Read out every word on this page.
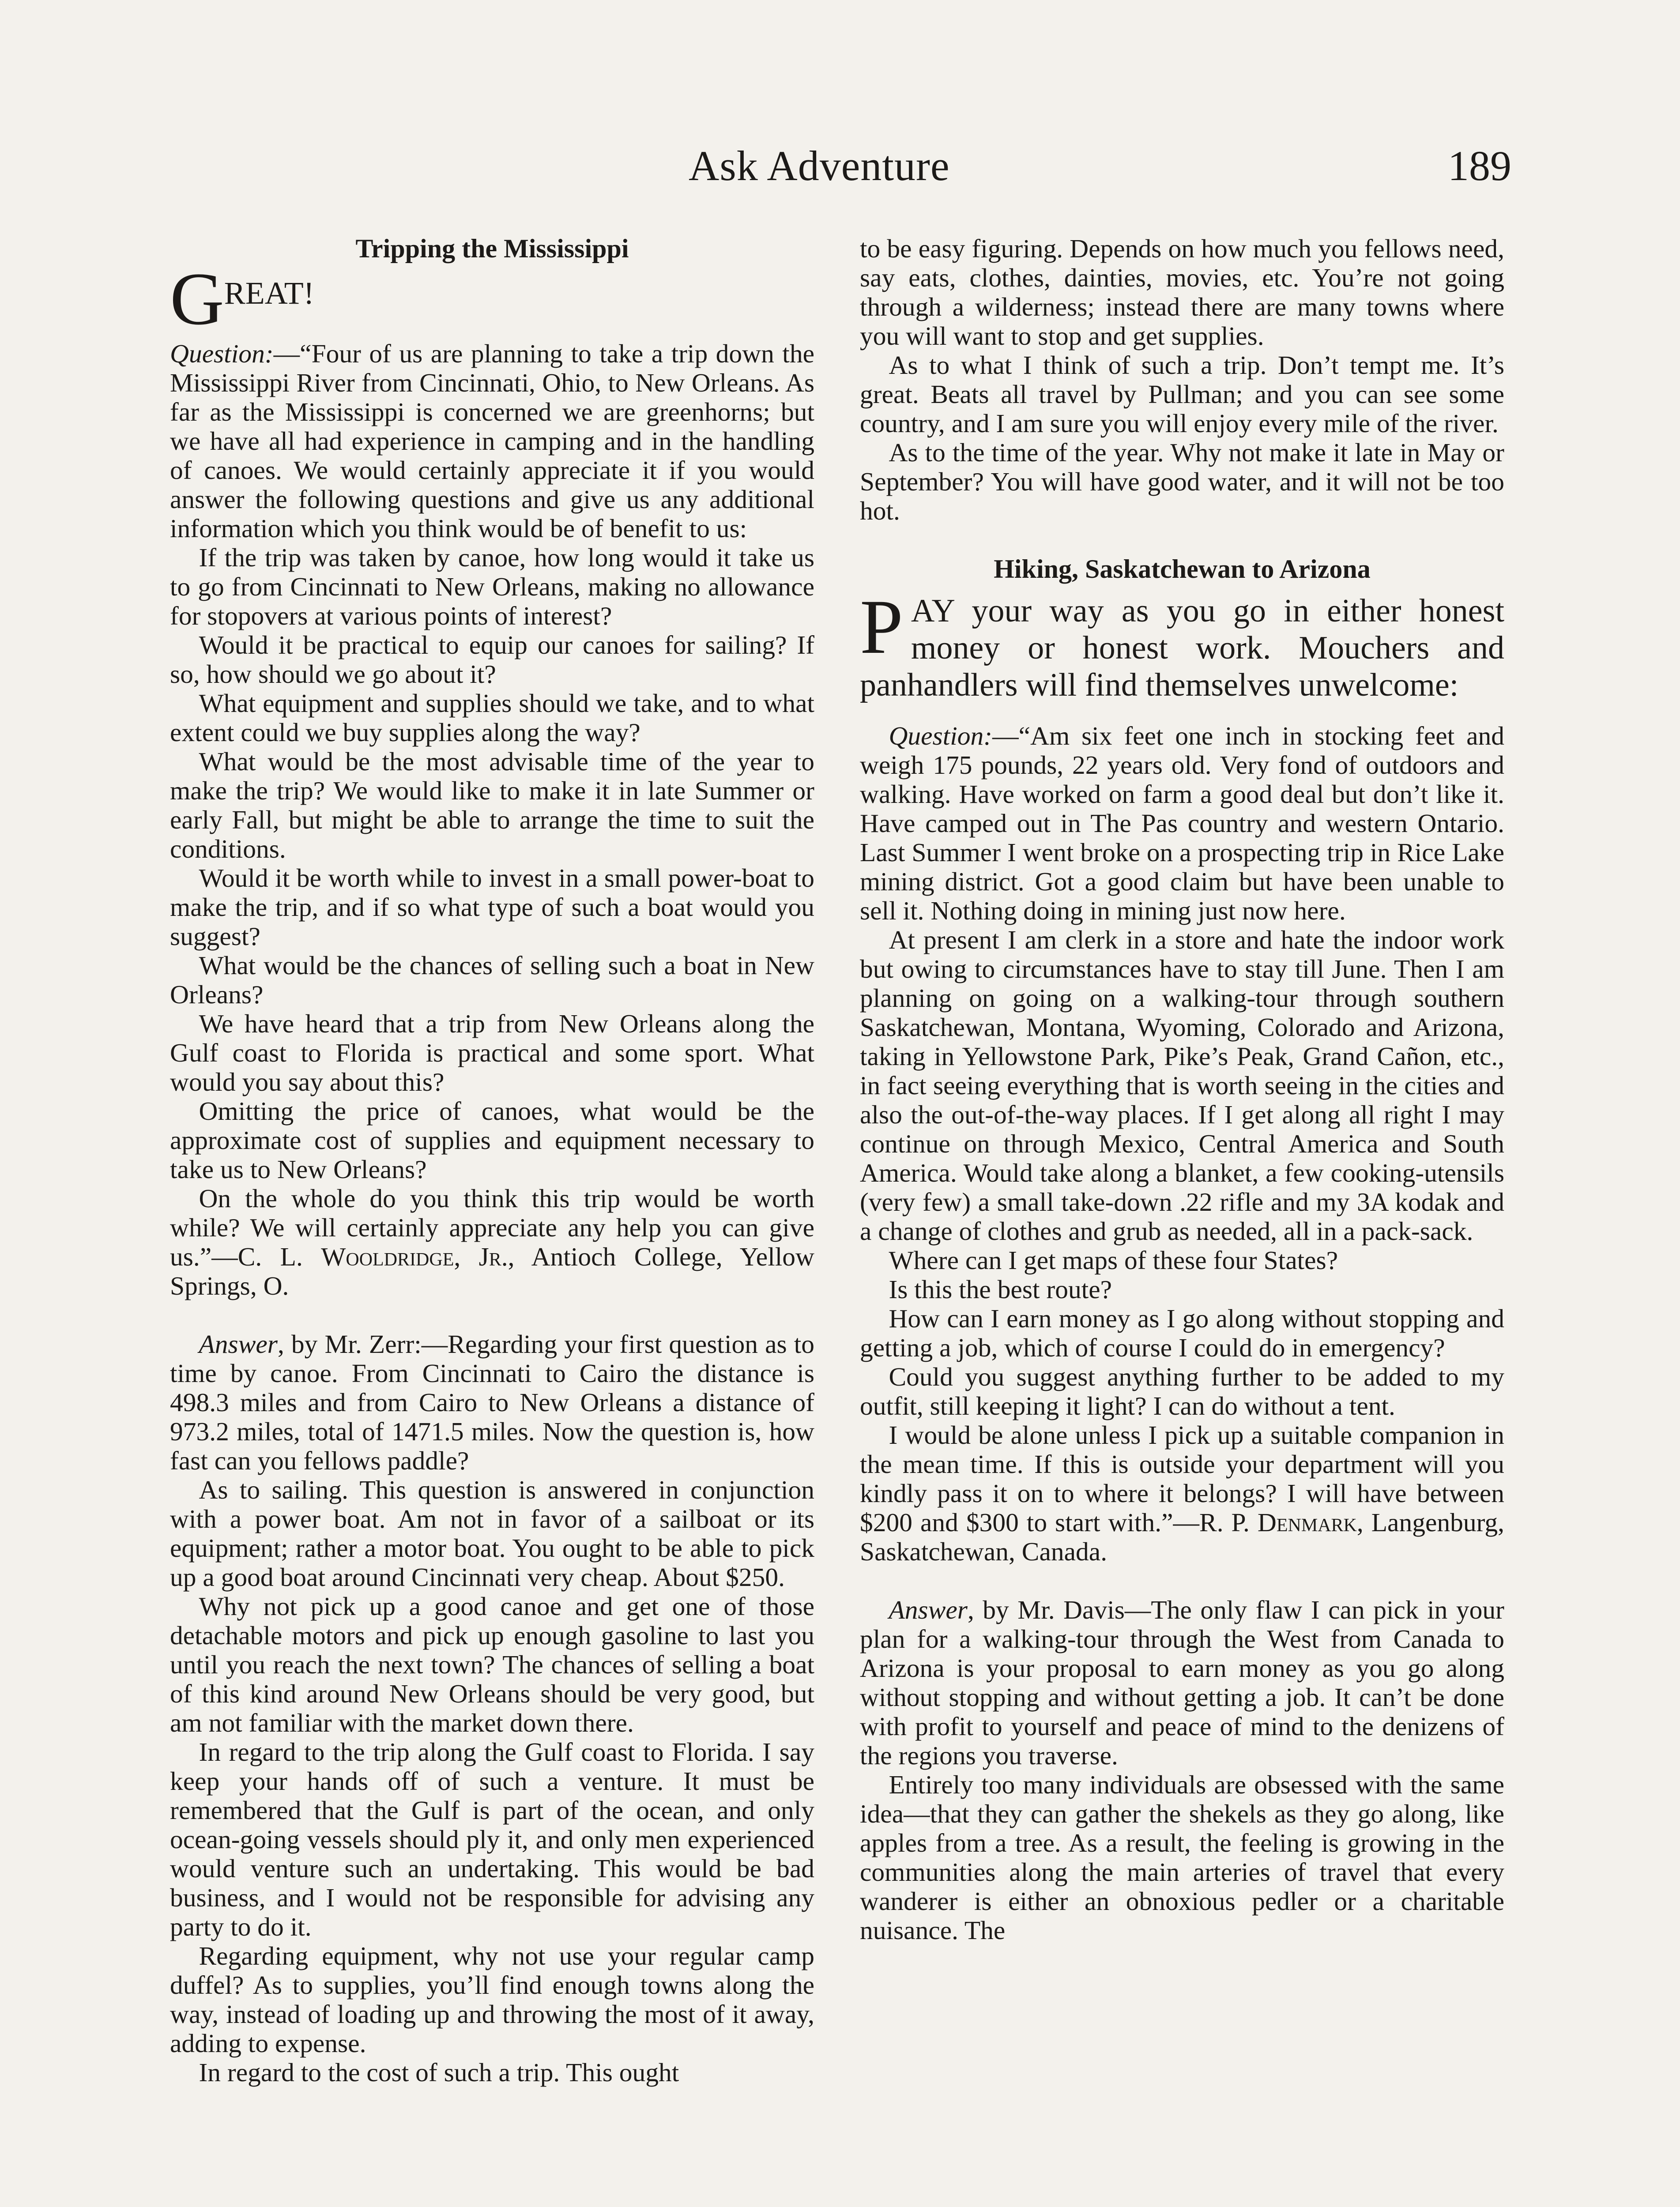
Ask Adventure	189
Tripping the Mississippi
GREAT!

Question:—“Four of us are planning to take a trip down the Mississippi River from Cincinnati, Ohio, to New Orleans. As far as the Mississippi is concerned we are greenhorns; but we have all had experience in camping and in the handling of canoes. We would certainly appreciate it if you would answer the following questions and give us any additional information which you think would be of benefit to us:

If the trip was taken by canoe, how long would it take us to go from Cincinnati to New Orleans, making no allowance for stopovers at various points of interest?

Would it be practical to equip our canoes for sailing? If so, how should we go about it?

What equipment and supplies should we take, and to what extent could we buy supplies along the way?

What would be the most advisable time of the year to make the trip? We would like to make it in late Summer or early Fall, but might be able to arrange the time to suit the conditions.

Would it be worth while to invest in a small power-boat to make the trip, and if so what type of such a boat would you suggest?

What would be the chances of selling such a boat in New Orleans?

We have heard that a trip from New Orleans along the Gulf coast to Florida is practical and some sport. What would you say about this?

Omitting the price of canoes, what would be the approximate cost of supplies and equipment necessary to take us to New Orleans?

On the whole do you think this trip would be worth while? We will certainly appreciate any help you can give us.”—C. L. Wooldridge, Jr., Antioch College, Yellow Springs, O.

Answer, by Mr. Zerr:—Regarding your first question as to time by canoe. From Cincinnati to Cairo the distance is 498.3 miles and from Cairo to New Orleans a distance of 973.2 miles, total of 1471.5 miles. Now the question is, how fast can you fellows paddle?

As to sailing. This question is answered in conjunction with a power boat. Am not in favor of a sailboat or its equipment; rather a motor boat. You ought to be able to pick up a good boat around Cincinnati very cheap. About $250.

Why not pick up a good canoe and get one of those detachable motors and pick up enough gasoline to last you until you reach the next town? The chances of selling a boat of this kind around New Orleans should be very good, but am not familiar with the market down there.

In regard to the trip along the Gulf coast to Florida. I say keep your hands off of such a venture. It must be remembered that the Gulf is part of the ocean, and only ocean-going vessels should ply it, and only men experienced would venture such an undertaking. This would be bad business, and I would not be responsible for advising any party to do it.

Regarding equipment, why not use your regular camp duffel? As to supplies, you’ll find enough towns along the way, instead of loading up and throwing the most of it away, adding to expense.

In regard to the cost of such a trip. This ought

to be easy figuring. Depends on how much you fellows need, say eats, clothes, dainties, movies, etc. You’re not going through a wilderness; instead there are many towns where you will want to stop and get supplies.

As to what I think of such a trip. Don’t tempt me. It’s great. Beats all travel by Pullman; and you can see some country, and I am sure you will enjoy every mile of the river.

As to the time of the year. Why not make it late in May or September? You will have good water, and it will not be too hot.

Hiking, Saskatchewan to Arizona
PAY your way as you go in either honest money or honest work. Mouchers and panhandlers will find themselves unwelcome:

Question:—“Am six feet one inch in stocking feet and weigh 175 pounds, 22 years old. Very fond of outdoors and walking. Have worked on farm a good deal but don’t like it. Have camped out in The Pas country and western Ontario. Last Summer I went broke on a prospecting trip in Rice Lake mining district. Got a good claim but have been unable to sell it. Nothing doing in mining just now here.

At present I am clerk in a store and hate the indoor work but owing to circumstances have to stay till June. Then I am planning on going on a walking-tour through southern Saskatchewan, Montana, Wyoming, Colorado and Arizona, taking in Yellowstone Park, Pike’s Peak, Grand Cañon, etc., in fact seeing everything that is worth seeing in the cities and also the out-of-the-way places. If I get along all right I may continue on through Mexico, Central America and South America. Would take along a blanket, a few cooking-utensils (very few) a small take-down .22 rifle and my 3A kodak and a change of clothes and grub as needed, all in a pack-sack.

Where can I get maps of these four States?

Is this the best route?

How can I earn money as I go along without stopping and getting a job, which of course I could do in emergency?

Could you suggest anything further to be added to my outfit, still keeping it light? I can do without a tent.

I would be alone unless I pick up a suitable companion in the mean time. If this is outside your department will you kindly pass it on to where it belongs? I will have between $200 and $300 to start with.”—R. P. Denmark, Langenburg, Saskatchewan, Canada.

Answer, by Mr. Davis—The only flaw I can pick in your plan for a walking-tour through the West from Canada to Arizona is your proposal to earn money as you go along without stopping and without getting a job. It can’t be done with profit to yourself and peace of mind to the denizens of the regions you traverse.

Entirely too many individuals are obsessed with the same idea—that they can gather the shekels as they go along, like apples from a tree. As a result, the feeling is growing in the communities along the main arteries of travel that every wanderer is either an obnoxious pedler or a charitable nuisance. The
